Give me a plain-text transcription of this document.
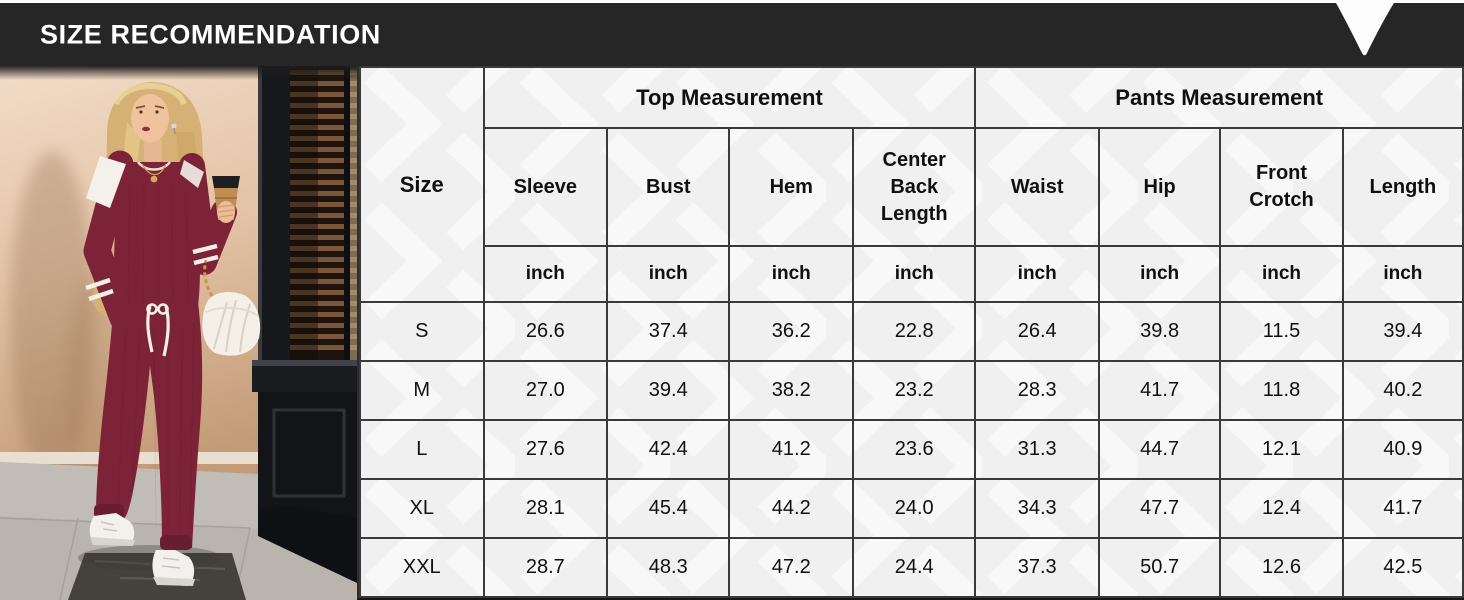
SIZE RECOMMENDATION
Size	Top Measurement				Pants Measurement			
	Sleeve	Bust	Hem	Center Back Length	Waist	Hip	Front Crotch	Length
	inch	inch	inch	inch	inch	inch	inch	inch
S	26.6	37.4	36.2	22.8	26.4	39.8	11.5	39.4
M	27.0	39.4	38.2	23.2	28.3	41.7	11.8	40.2
L	27.6	42.4	41.2	23.6	31.3	44.7	12.1	40.9
XL	28.1	45.4	44.2	24.0	34.3	47.7	12.4	41.7
XXL	28.7	48.3	47.2	24.4	37.3	50.7	12.6	42.5
